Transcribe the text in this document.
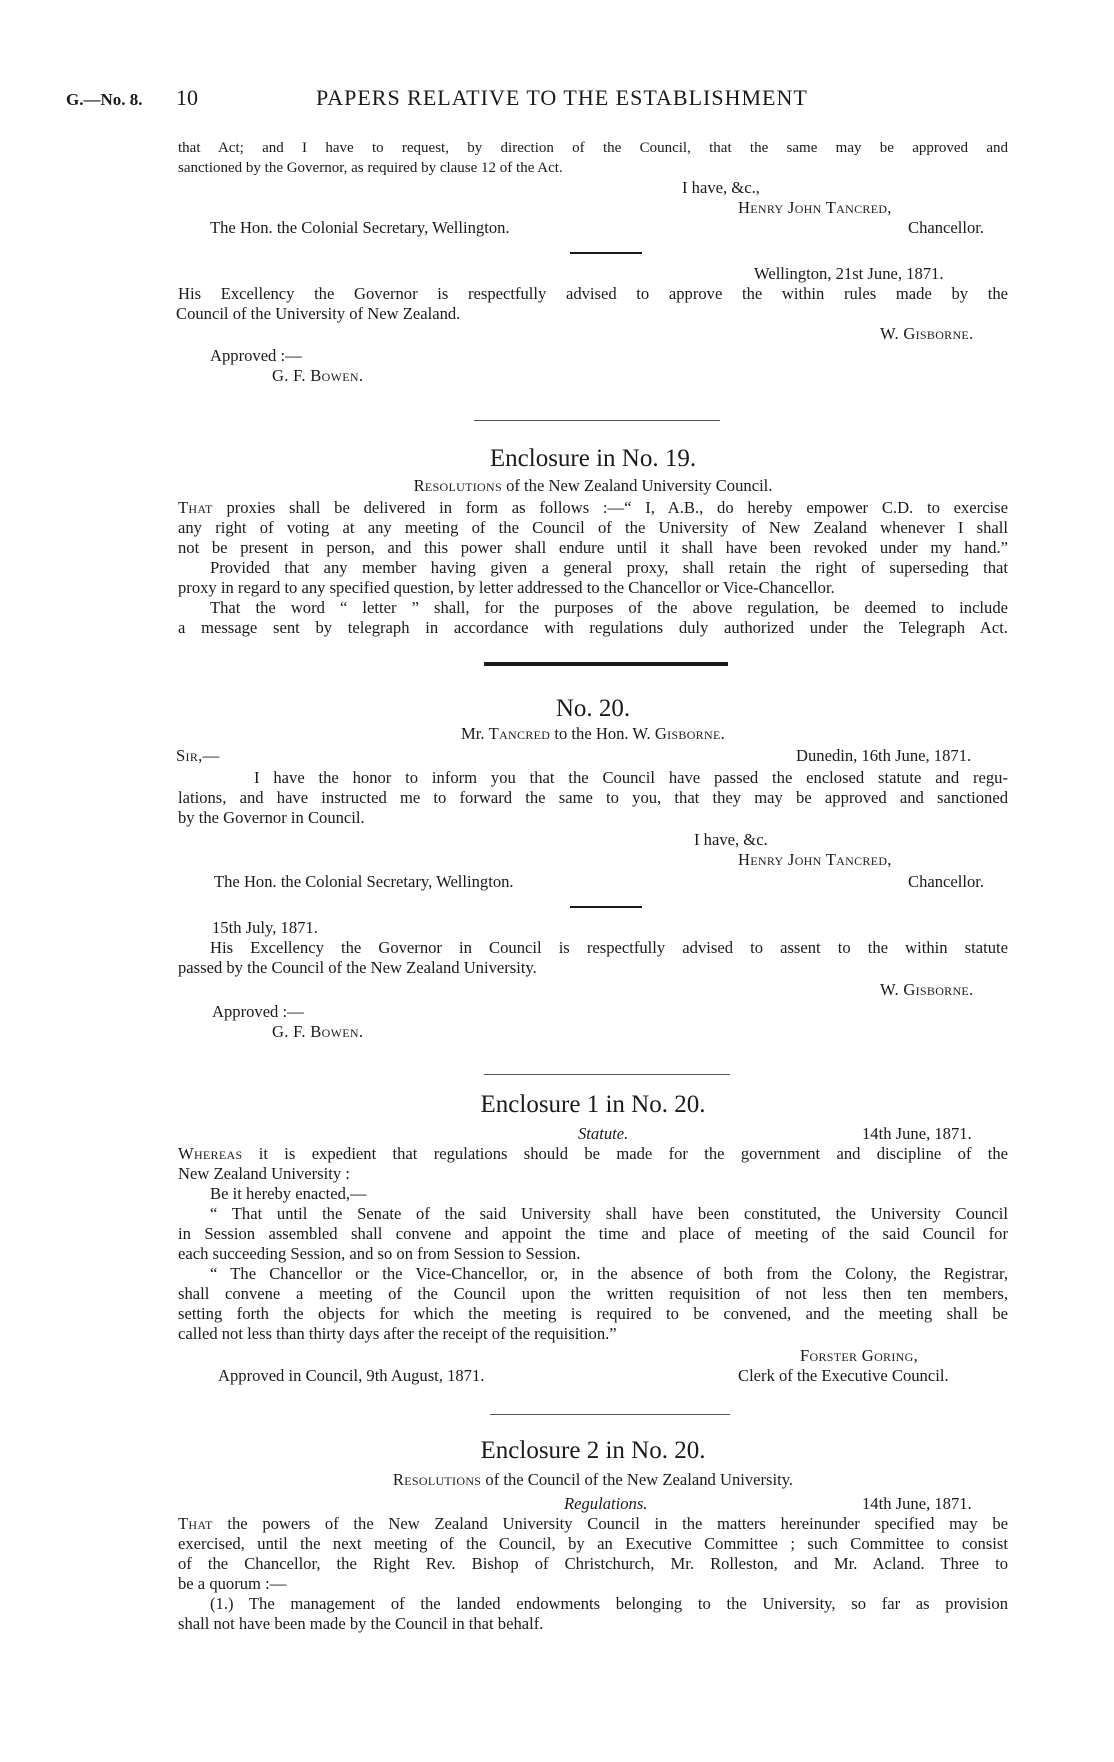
G.—No. 8. 10	PAPERS RELATIVE TO THE ESTABLISHMENT
that Act; and I have to request, by direction of the Council, that the same may be approved and
sanctioned by the Governor, as required by clause 12 of the Act.
I have, &c.,
Henry John Tancred,
The Hon. the Colonial Secretary, Wellington.	Chancellor.
Wellington, 21st June, 1871.
His Excellency the Governor is respectfully advised to approve the within rules made by the
Council of the University of New Zealand.
W. Gisborne.
Approved :—
G. F. Bowen.
Enclosure in No. 19.
Resolutions of the New Zealand University Council.
That proxies shall be delivered in form as follows :—“ I, A.B., do hereby empower C.D. to exercise
any right of voting at any meeting of the Council of the University of New Zealand whenever I shall
not be present in person, and this power shall endure until it shall have been revoked under my hand.”
Provided that any member having given a general proxy, shall retain the right of superseding that
proxy in regard to any specified question, by letter addressed to the Chancellor or Vice-Chancellor.
That the word “ letter ” shall, for the purposes of the above regulation, be deemed to include
a message sent by telegraph in accordance with regulations duly authorized under the Telegraph Act.
No. 20.
Mr. Tancred to the Hon. W. Gisborne.
Sir,—	Dunedin, 16th June, 1871.
I have the honor to inform you that the Council have passed the enclosed statute and regu-
lations, and have instructed me to forward the same to you, that they may be approved and sanctioned
by the Governor in Council.
I have, &c.
Henry John Tancred,
The Hon. the Colonial Secretary, Wellington.	Chancellor.
15th July, 1871.
His Excellency the Governor in Council is respectfully advised to assent to the within statute
passed by the Council of the New Zealand University.
W. Gisborne.
Approved :—
G. F. Bowen.
Enclosure 1 in No. 20.
Statute.	14th June, 1871.
Whereas it is expedient that regulations should be made for the government and discipline of the
New Zealand University :
Be it hereby enacted,—
“ That until the Senate of the said University shall have been constituted, the University Council
in Session assembled shall convene and appoint the time and place of meeting of the said Council for
each succeeding Session, and so on from Session to Session.
“ The Chancellor or the Vice-Chancellor, or, in the absence of both from the Colony, the Registrar,
shall convene a meeting of the Council upon the written requisition of not less then ten members,
setting forth the objects for which the meeting is required to be convened, and the meeting shall be
called not less than thirty days after the receipt of the requisition.”
Forster Goring,
Approved in Council, 9th August, 1871.	Clerk of the Executive Council.
Enclosure 2 in No. 20.
Resolutions of the Council of the New Zealand University.
Regulations.	14th June, 1871.
That the powers of the New Zealand University Council in the matters hereinunder specified may be
exercised, until the next meeting of the Council, by an Executive Committee ; such Committee to consist
of the Chancellor, the Right Rev. Bishop of Christchurch, Mr. Rolleston, and Mr. Acland. Three to
be a quorum :—
(1.) The management of the landed endowments belonging to the University, so far as provision
shall not have been made by the Council in that behalf.
